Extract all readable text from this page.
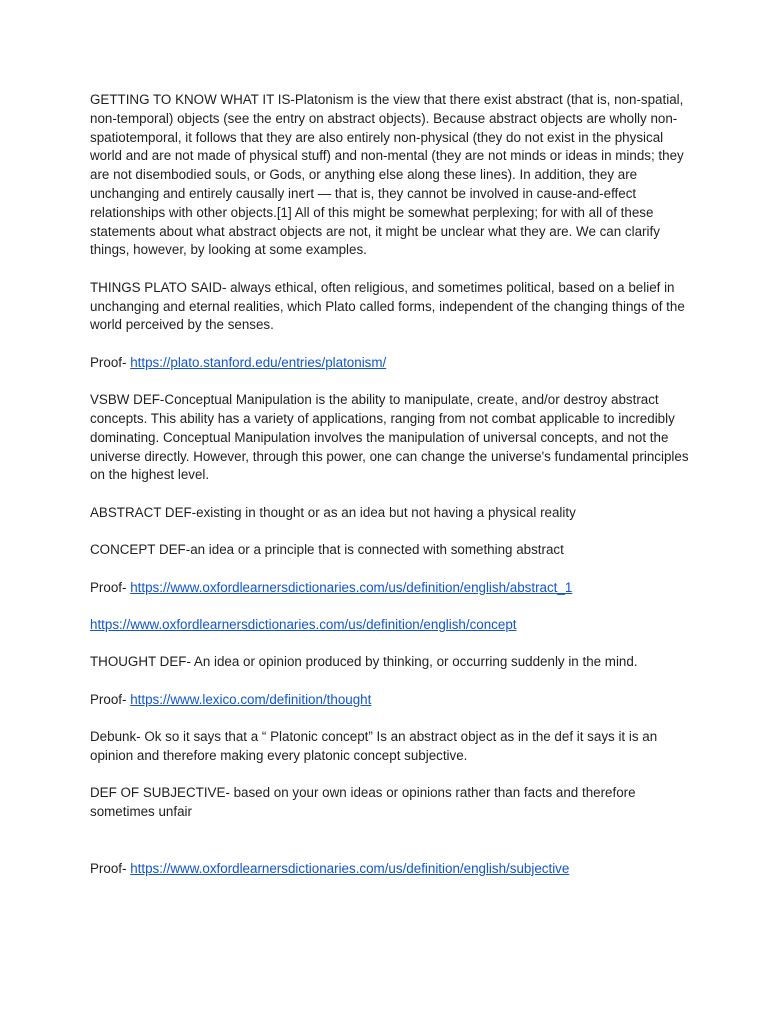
GETTING TO KNOW WHAT IT IS-Platonism is the view that there exist abstract (that is, non-spatial, non-temporal) objects (see the entry on abstract objects). Because abstract objects are wholly non-spatiotemporal, it follows that they are also entirely non-physical (they do not exist in the physical world and are not made of physical stuff) and non-mental (they are not minds or ideas in minds; they are not disembodied souls, or Gods, or anything else along these lines). In addition, they are unchanging and entirely causally inert — that is, they cannot be involved in cause-and-effect relationships with other objects.[1] All of this might be somewhat perplexing; for with all of these statements about what abstract objects are not, it might be unclear what they are. We can clarify things, however, by looking at some examples.

THINGS PLATO SAID- always ethical, often religious, and sometimes political, based on a belief in unchanging and eternal realities, which Plato called forms, independent of the changing things of the world perceived by the senses.

Proof- https://plato.stanford.edu/entries/platonism/

VSBW DEF-Conceptual Manipulation is the ability to manipulate, create, and/or destroy abstract concepts. This ability has a variety of applications, ranging from not combat applicable to incredibly dominating. Conceptual Manipulation involves the manipulation of universal concepts, and not the universe directly. However, through this power, one can change the universe's fundamental principles on the highest level.

ABSTRACT DEF-existing in thought or as an idea but not having a physical reality

CONCEPT DEF-an idea or a principle that is connected with something abstract

Proof- https://www.oxfordlearnersdictionaries.com/us/definition/english/abstract_1

https://www.oxfordlearnersdictionaries.com/us/definition/english/concept

THOUGHT DEF- An idea or opinion produced by thinking, or occurring suddenly in the mind.

Proof- https://www.lexico.com/definition/thought

Debunk- Ok so it says that a “ Platonic concept” Is an abstract object as in the def it says it is an opinion and therefore making every platonic concept subjective.

DEF OF SUBJECTIVE- based on your own ideas or opinions rather than facts and therefore sometimes unfair

Proof- https://www.oxfordlearnersdictionaries.com/us/definition/english/subjective
